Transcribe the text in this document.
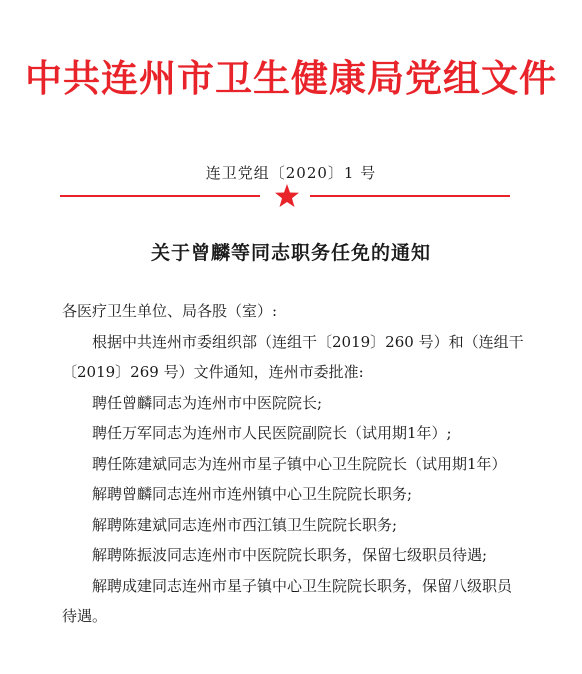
中共连州市卫生健康局党组文件
连卫党组〔2020〕1 号
关于曾麟等同志职务任免的通知

各医疗卫生单位、局各股（室）:

根据中共连州市委组织部（连组干〔2019〕260 号）和（连组干〔2019〕269 号）文件通知，连州市委批准:

聘任曾麟同志为连州市中医院院长;

聘任万军同志为连州市人民医院副院长（试用期1年）;

聘任陈建斌同志为连州市星子镇中心卫生院院长（试用期1年）

解聘曾麟同志连州市连州镇中心卫生院院长职务;

解聘陈建斌同志连州市西江镇卫生院院长职务;

解聘陈振波同志连州市中医院院长职务，保留七级职员待遇;

解聘成建同志连州市星子镇中心卫生院院长职务，保留八级职员待遇。
